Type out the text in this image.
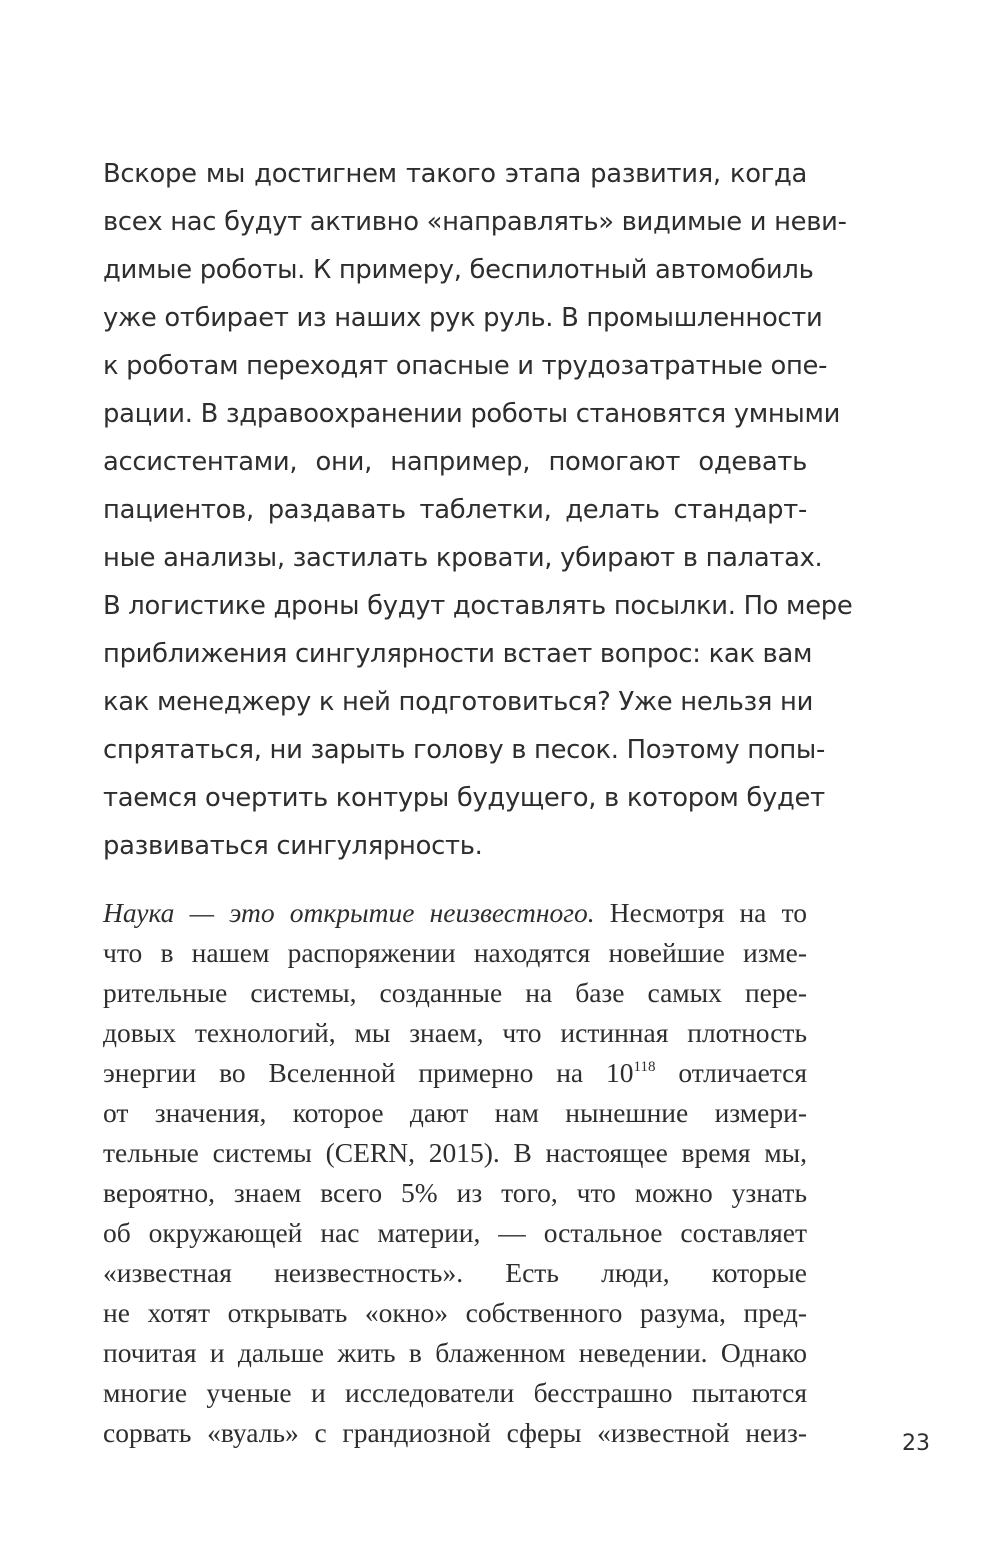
Вскоре мы достигнем такого этапа развития, когда

всех нас будут активно «направлять» видимые и неви-

димые роботы. К примеру, беспилотный автомобиль

уже отбирает из наших рук руль. В промышленности

к роботам переходят опасные и трудозатратные опе-

рации. В здравоохранении роботы становятся умными

ассистентами, они, например, помогают одевать

пациентов, раздавать таблетки, делать стандарт-

ные анализы, застилать кровати, убирают в палатах.

В логистике дроны будут доставлять посылки. По мере

приближения сингулярности встает вопрос: как вам

как менеджеру к ней подготовиться? Уже нельзя ни

спрятаться, ни зарыть голову в песок. Поэтому попы-

таемся очертить контуры будущего, в котором будет

развиваться сингулярность.

Наука — это открытие неизвестного. Несмотря на то

что в нашем распоряжении находятся новейшие изме-

рительные системы, созданные на базе самых пере-

довых технологий, мы знаем, что истинная плотность

энергии во Вселенной примерно на $10^{118}$ отличается

от значения, которое дают нам нынешние измери-

тельные системы (CERN, 2015). В настоящее время мы,

вероятно, знаем всего 5% из того, что можно узнать

об окружающей нас материи, — остальное составляет

«известная неизвестность». Есть люди, которые

не хотят открывать «окно» собственного разума, пред-

почитая и дальше жить в блаженном неведении. Однако

многие ученые и исследователи бесстрашно пытаются

сорвать «вуаль» с грандиозной сферы «известной неиз-	23
